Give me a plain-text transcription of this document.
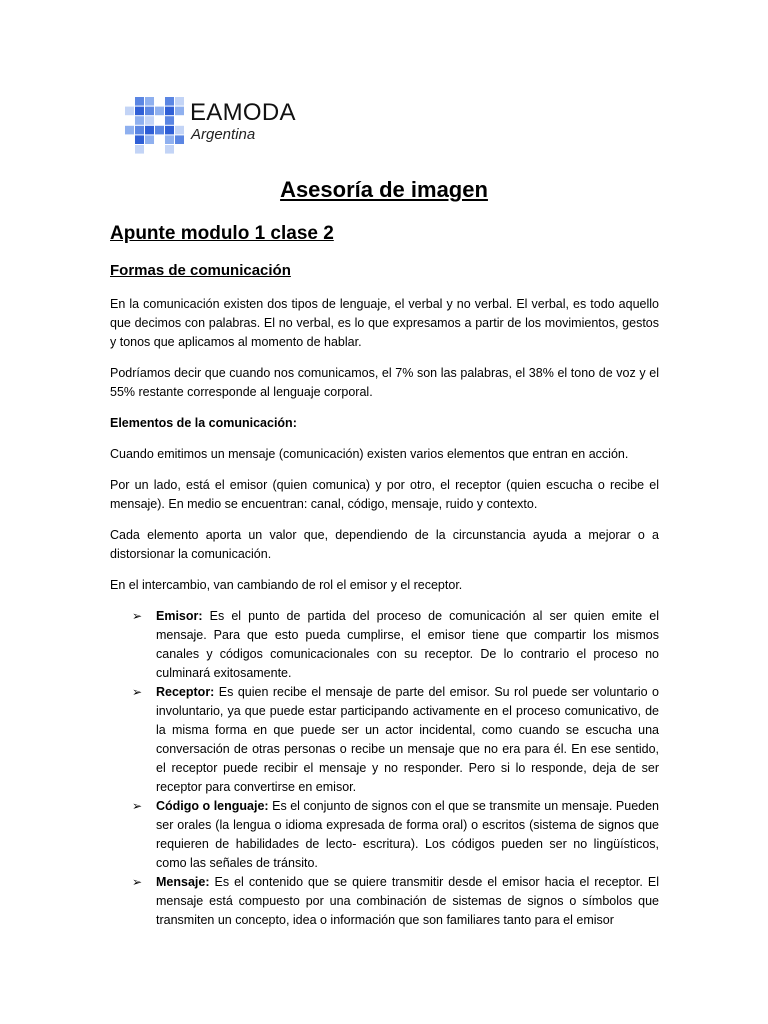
EAMODA
Argentina
Asesoría de imagen
Apunte modulo 1 clase 2
Formas de comunicación

En la comunicación existen dos tipos de lenguaje, el verbal y no verbal. El verbal, es todo aquello que decimos con palabras. El no verbal, es lo que expresamos a partir de los movimientos, gestos y tonos que aplicamos al momento de hablar.

Podríamos decir que cuando nos comunicamos, el 7% son las palabras, el 38% el tono de voz y el 55% restante corresponde al lenguaje corporal.

Elementos de la comunicación:

Cuando emitimos un mensaje (comunicación) existen varios elementos que entran en acción.

Por un lado, está el emisor (quien comunica) y por otro, el receptor (quien escucha o recibe el mensaje). En medio se encuentran: canal, código, mensaje, ruido y contexto.

Cada elemento aporta un valor que, dependiendo de la circunstancia ayuda a mejorar o a distorsionar la comunicación.

En el intercambio, van cambiando de rol el emisor y el receptor.

➢ Emisor: Es el punto de partida del proceso de comunicación al ser quien emite el mensaje. Para que esto pueda cumplirse, el emisor tiene que compartir los mismos canales y códigos comunicacionales con su receptor. De lo contrario el proceso no culminará exitosamente.
➢ Receptor: Es quien recibe el mensaje de parte del emisor. Su rol puede ser voluntario o involuntario, ya que puede estar participando activamente en el proceso comunicativo, de la misma forma en que puede ser un actor incidental, como cuando se escucha una conversación de otras personas o recibe un mensaje que no era para él. En ese sentido, el receptor puede recibir el mensaje y no responder. Pero si lo responde, deja de ser receptor para convertirse en emisor.
➢ Código o lenguaje: Es el conjunto de signos con el que se transmite un mensaje. Pueden ser orales (la lengua o idioma expresada de forma oral) o escritos (sistema de signos que requieren de habilidades de lecto- escritura). Los códigos pueden ser no lingüísticos, como las señales de tránsito.
➢ Mensaje: Es el contenido que se quiere transmitir desde el emisor hacia el receptor. El mensaje está compuesto por una combinación de sistemas de signos o símbolos que transmiten un concepto, idea o información que son familiares tanto para el emisor
